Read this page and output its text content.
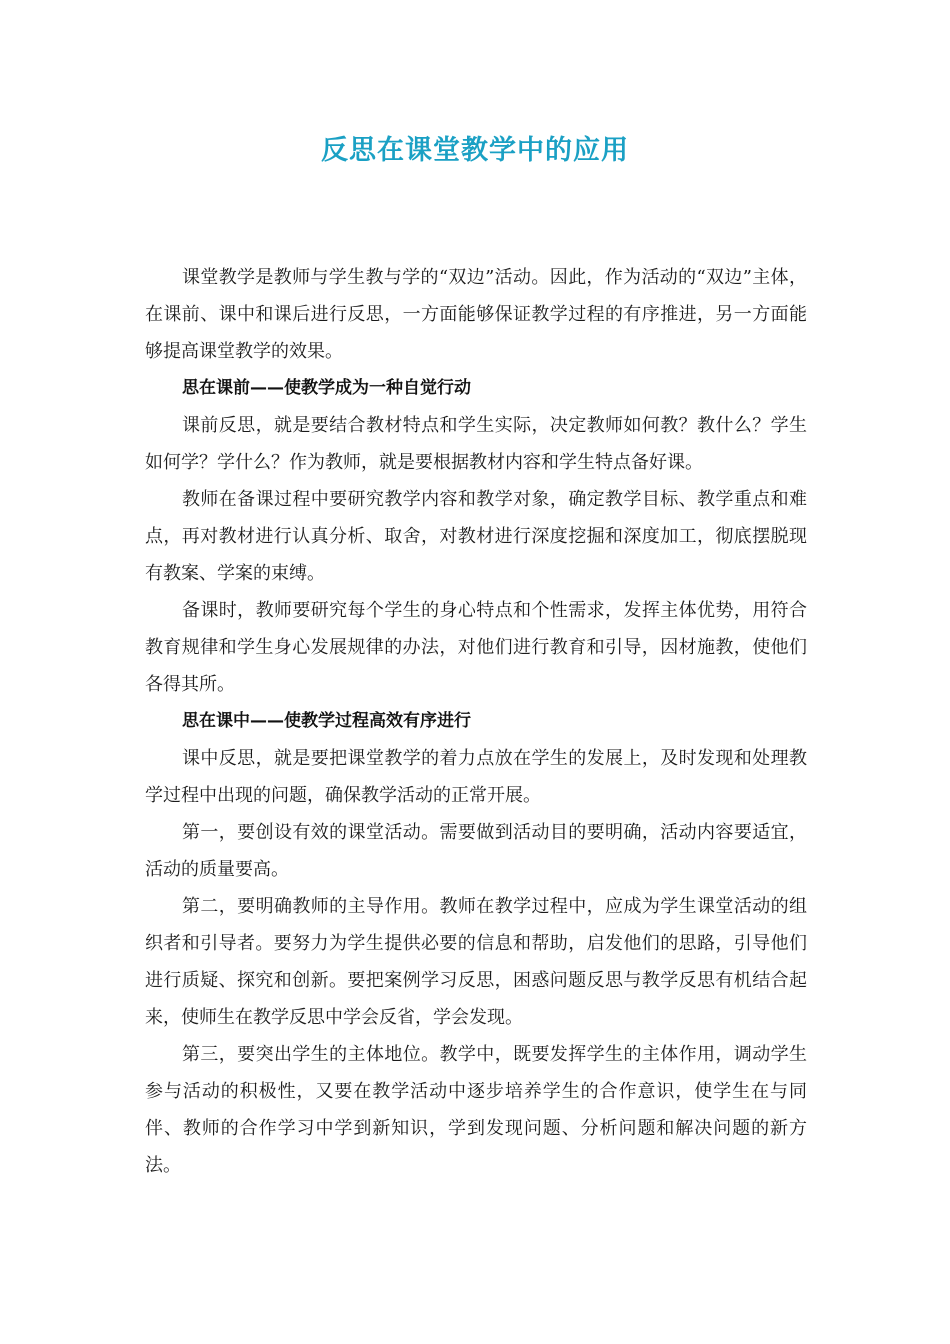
反思在课堂教学中的应用

课堂教学是教师与学生教与学的“双边”活动。因此，作为活动的“双边”主体，在课前、课中和课后进行反思，一方面能够保证教学过程的有序推进，另一方面能够提高课堂教学的效果。

思在课前——使教学成为一种自觉行动

课前反思，就是要结合教材特点和学生实际，决定教师如何教？教什么？学生如何学？学什么？作为教师，就是要根据教材内容和学生特点备好课。

教师在备课过程中要研究教学内容和教学对象，确定教学目标、教学重点和难点，再对教材进行认真分析、取舍，对教材进行深度挖掘和深度加工，彻底摆脱现有教案、学案的束缚。

备课时，教师要研究每个学生的身心特点和个性需求，发挥主体优势，用符合教育规律和学生身心发展规律的办法，对他们进行教育和引导，因材施教，使他们各得其所。

思在课中——使教学过程高效有序进行

课中反思，就是要把课堂教学的着力点放在学生的发展上，及时发现和处理教学过程中出现的问题，确保教学活动的正常开展。

第一，要创设有效的课堂活动。需要做到活动目的要明确，活动内容要适宜，活动的质量要高。

第二，要明确教师的主导作用。教师在教学过程中，应成为学生课堂活动的组织者和引导者。要努力为学生提供必要的信息和帮助，启发他们的思路，引导他们进行质疑、探究和创新。要把案例学习反思，困惑问题反思与教学反思有机结合起来，使师生在教学反思中学会反省，学会发现。

第三，要突出学生的主体地位。教学中，既要发挥学生的主体作用，调动学生参与活动的积极性，又要在教学活动中逐步培养学生的合作意识，使学生在与同伴、教师的合作学习中学到新知识，学到发现问题、分析问题和解决问题的新方法。
